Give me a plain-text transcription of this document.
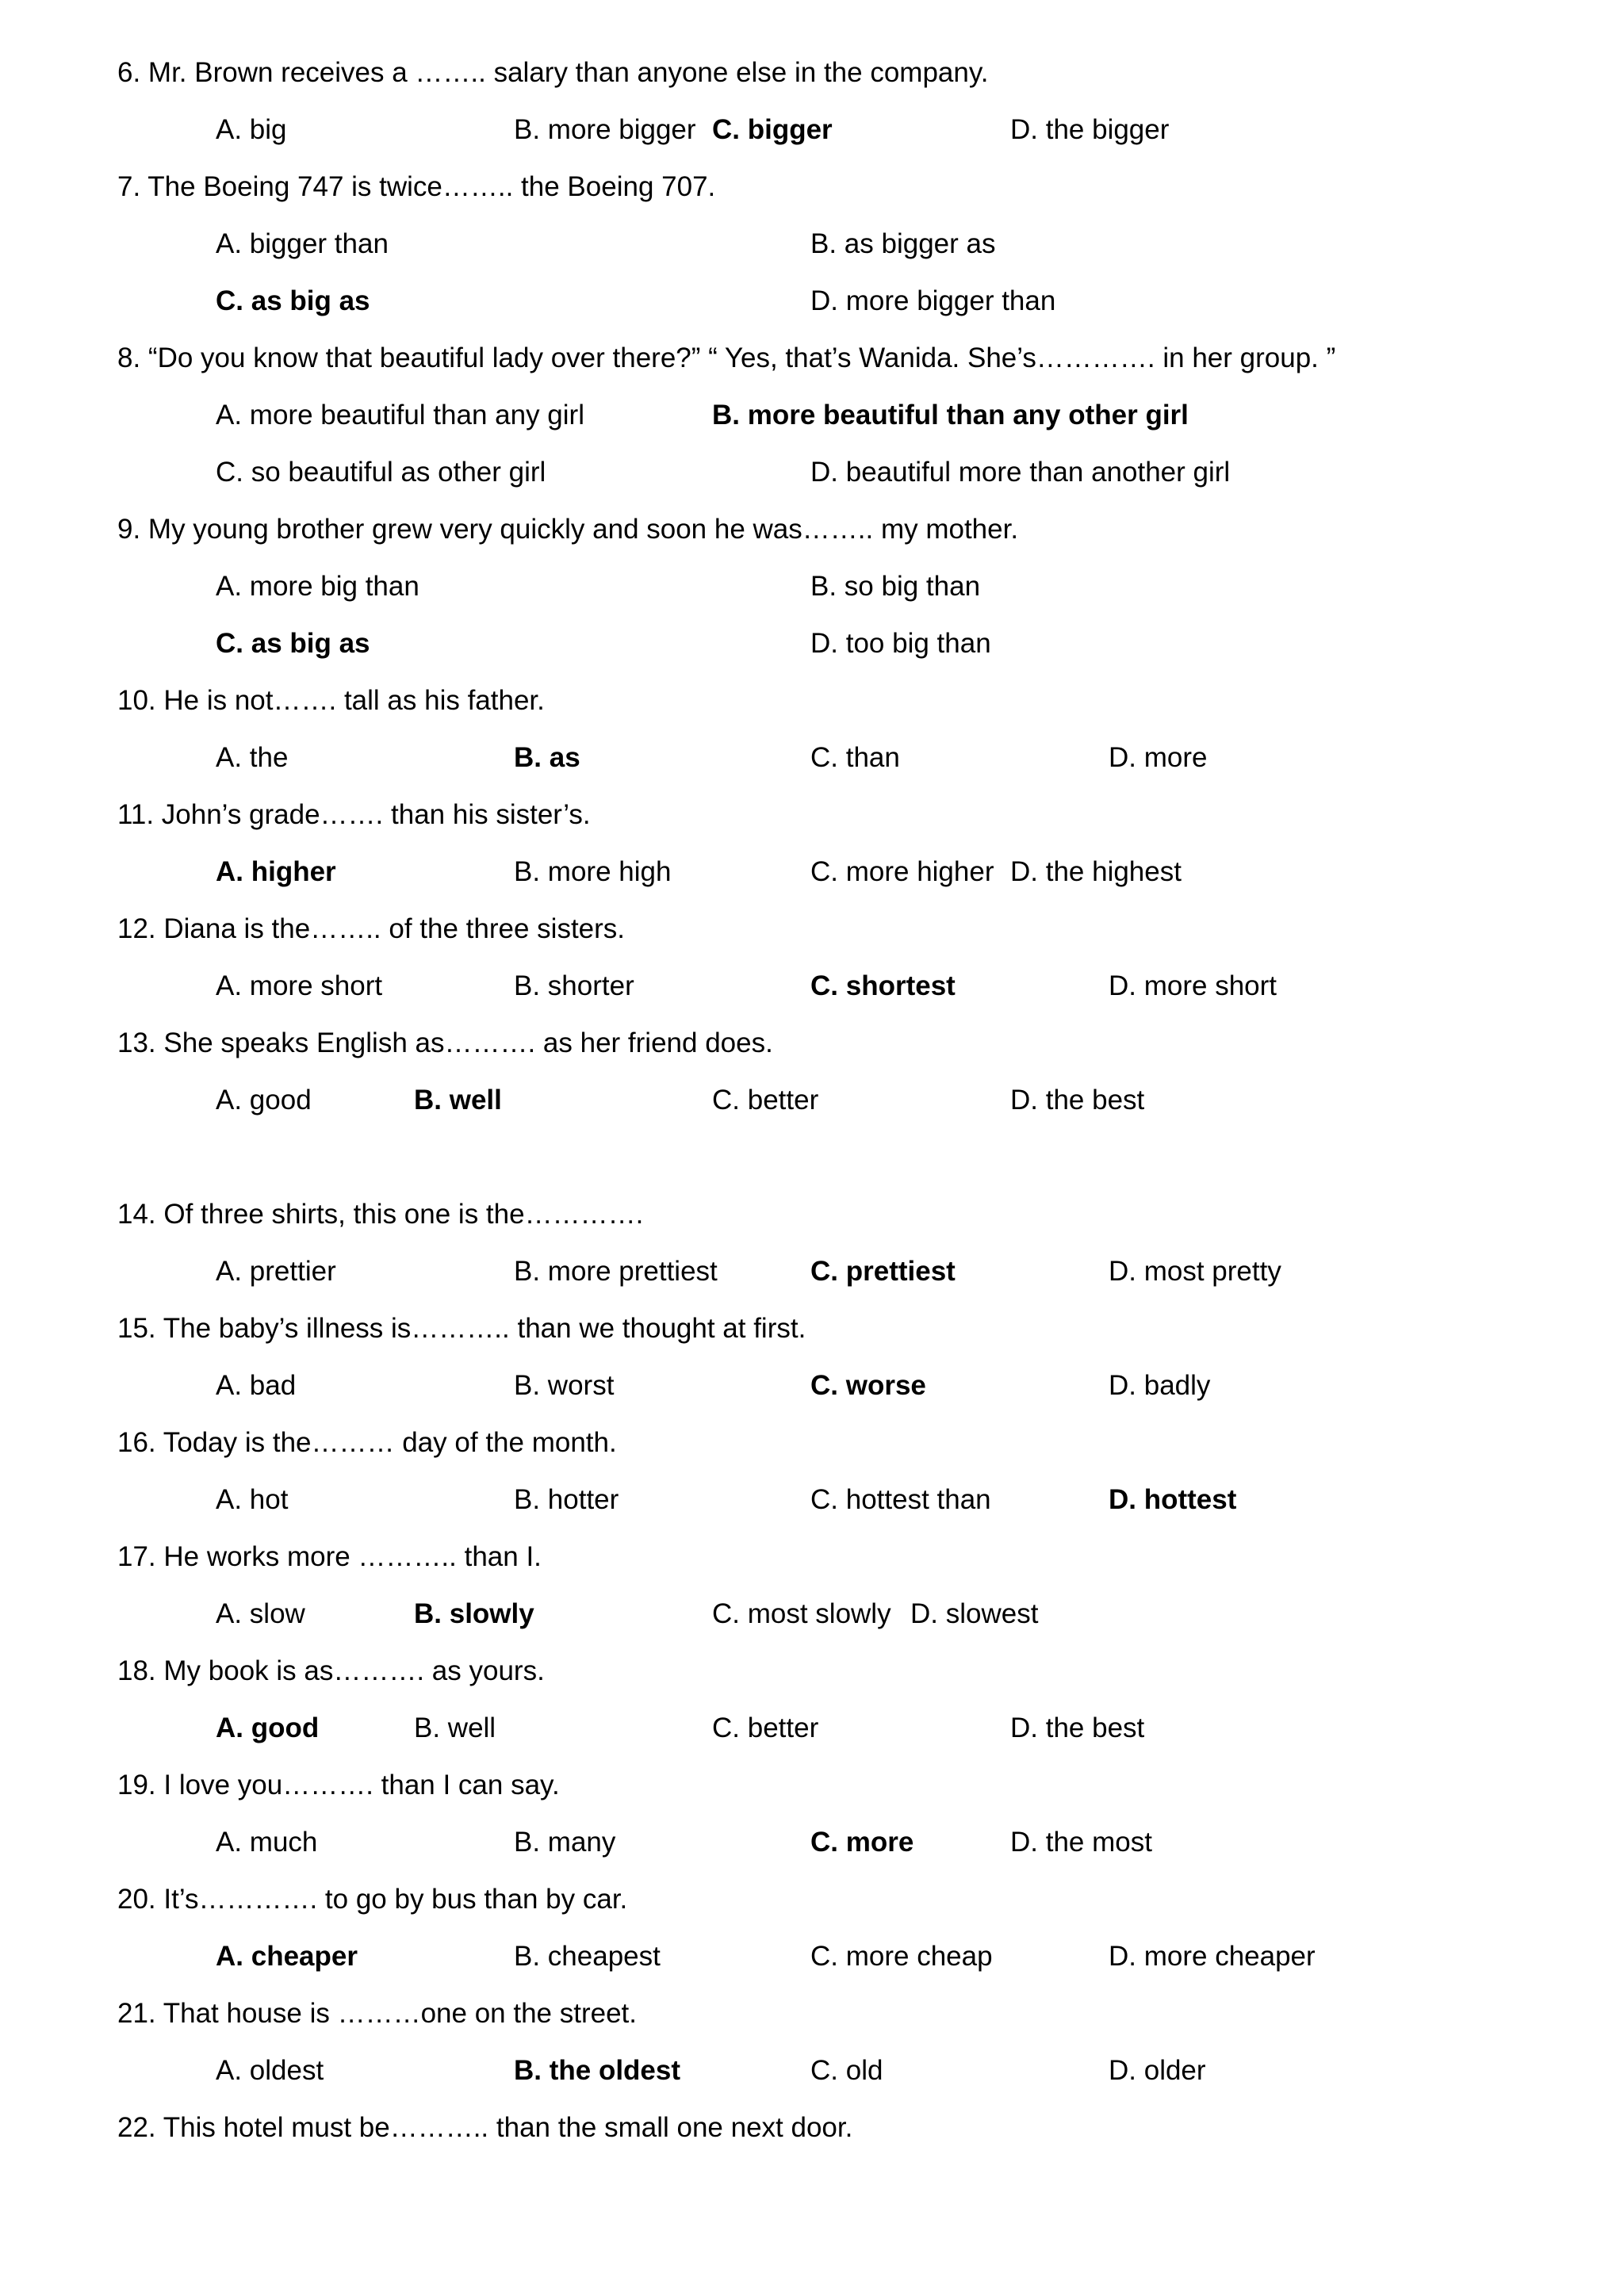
6. Mr. Brown receives a …….. salary than anyone else in the company.
A. big	B. more bigger C. bigger	D. the bigger
7. The Boeing 747 is twice…….. the Boeing 707.
A. bigger than	B. as bigger as
C. as big as	D. more bigger than
8. “Do you know that beautiful lady over there?” “ Yes, that’s Wanida. She’s…………. in her group. ”
A. more beautiful than any girl	B. more beautiful than any other girl
C. so beautiful as other girl	D. beautiful more than another girl
9. My young brother grew very quickly and soon he was…….. my mother.
A. more big than	B. so big than
C. as big as	D. too big than
10. He is not……. tall as his father.
A. the	B. as	C. than	D. more
11. John’s grade……. than his sister’s.
A. higher	B. more high	C. more higher D. the highest
12. Diana is the…….. of the three sisters.
A. more short	B. shorter	C. shortest	D. more short
13. She speaks English as………. as her friend does.
A. good	B. well	C. better	D. the best
14. Of three shirts, this one is the………….
A. prettier	B. more prettiest	C. prettiest	D. most pretty
15. The baby’s illness is……….. than we thought at first.
A. bad	B. worst	C. worse	D. badly
16. Today is the……… day of the month.
A. hot	B. hotter	C. hottest than	D. hottest
17. He works more ……….. than I.
A. slow	B. slowly	C. most slowly D. slowest
18. My book is as………. as yours.
A. good	B. well	C. better	D. the best
19. I love you………. than I can say.
A. much	B. many	C. more	D. the most
20. It’s…………. to go by bus than by car.
A. cheaper	B. cheapest	C. more cheap	D. more cheaper
21. That house is ………one on the street.
A. oldest	B. the oldest	C. old	D. older
22. This hotel must be……….. than the small one next door.
